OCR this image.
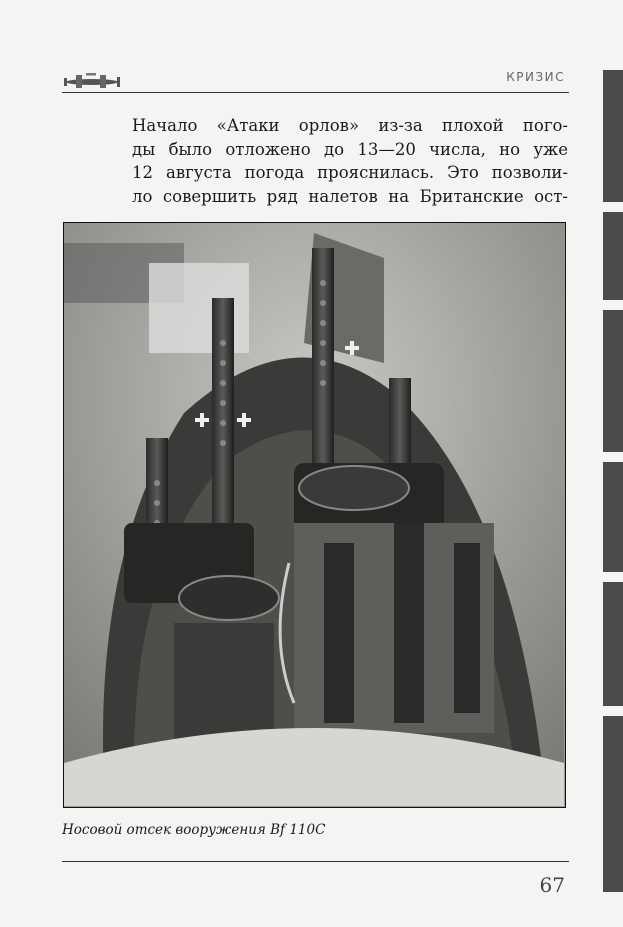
КРИЗИС
Начало «Атаки орлов» из-за плохой пого-
ды было отложено до 13—20 числа, но уже
12 августа погода прояснилась. Это позволи-
ло совершить ряд налетов на Британские ост-
Носовой отсек вооружения Bf 110С
67
